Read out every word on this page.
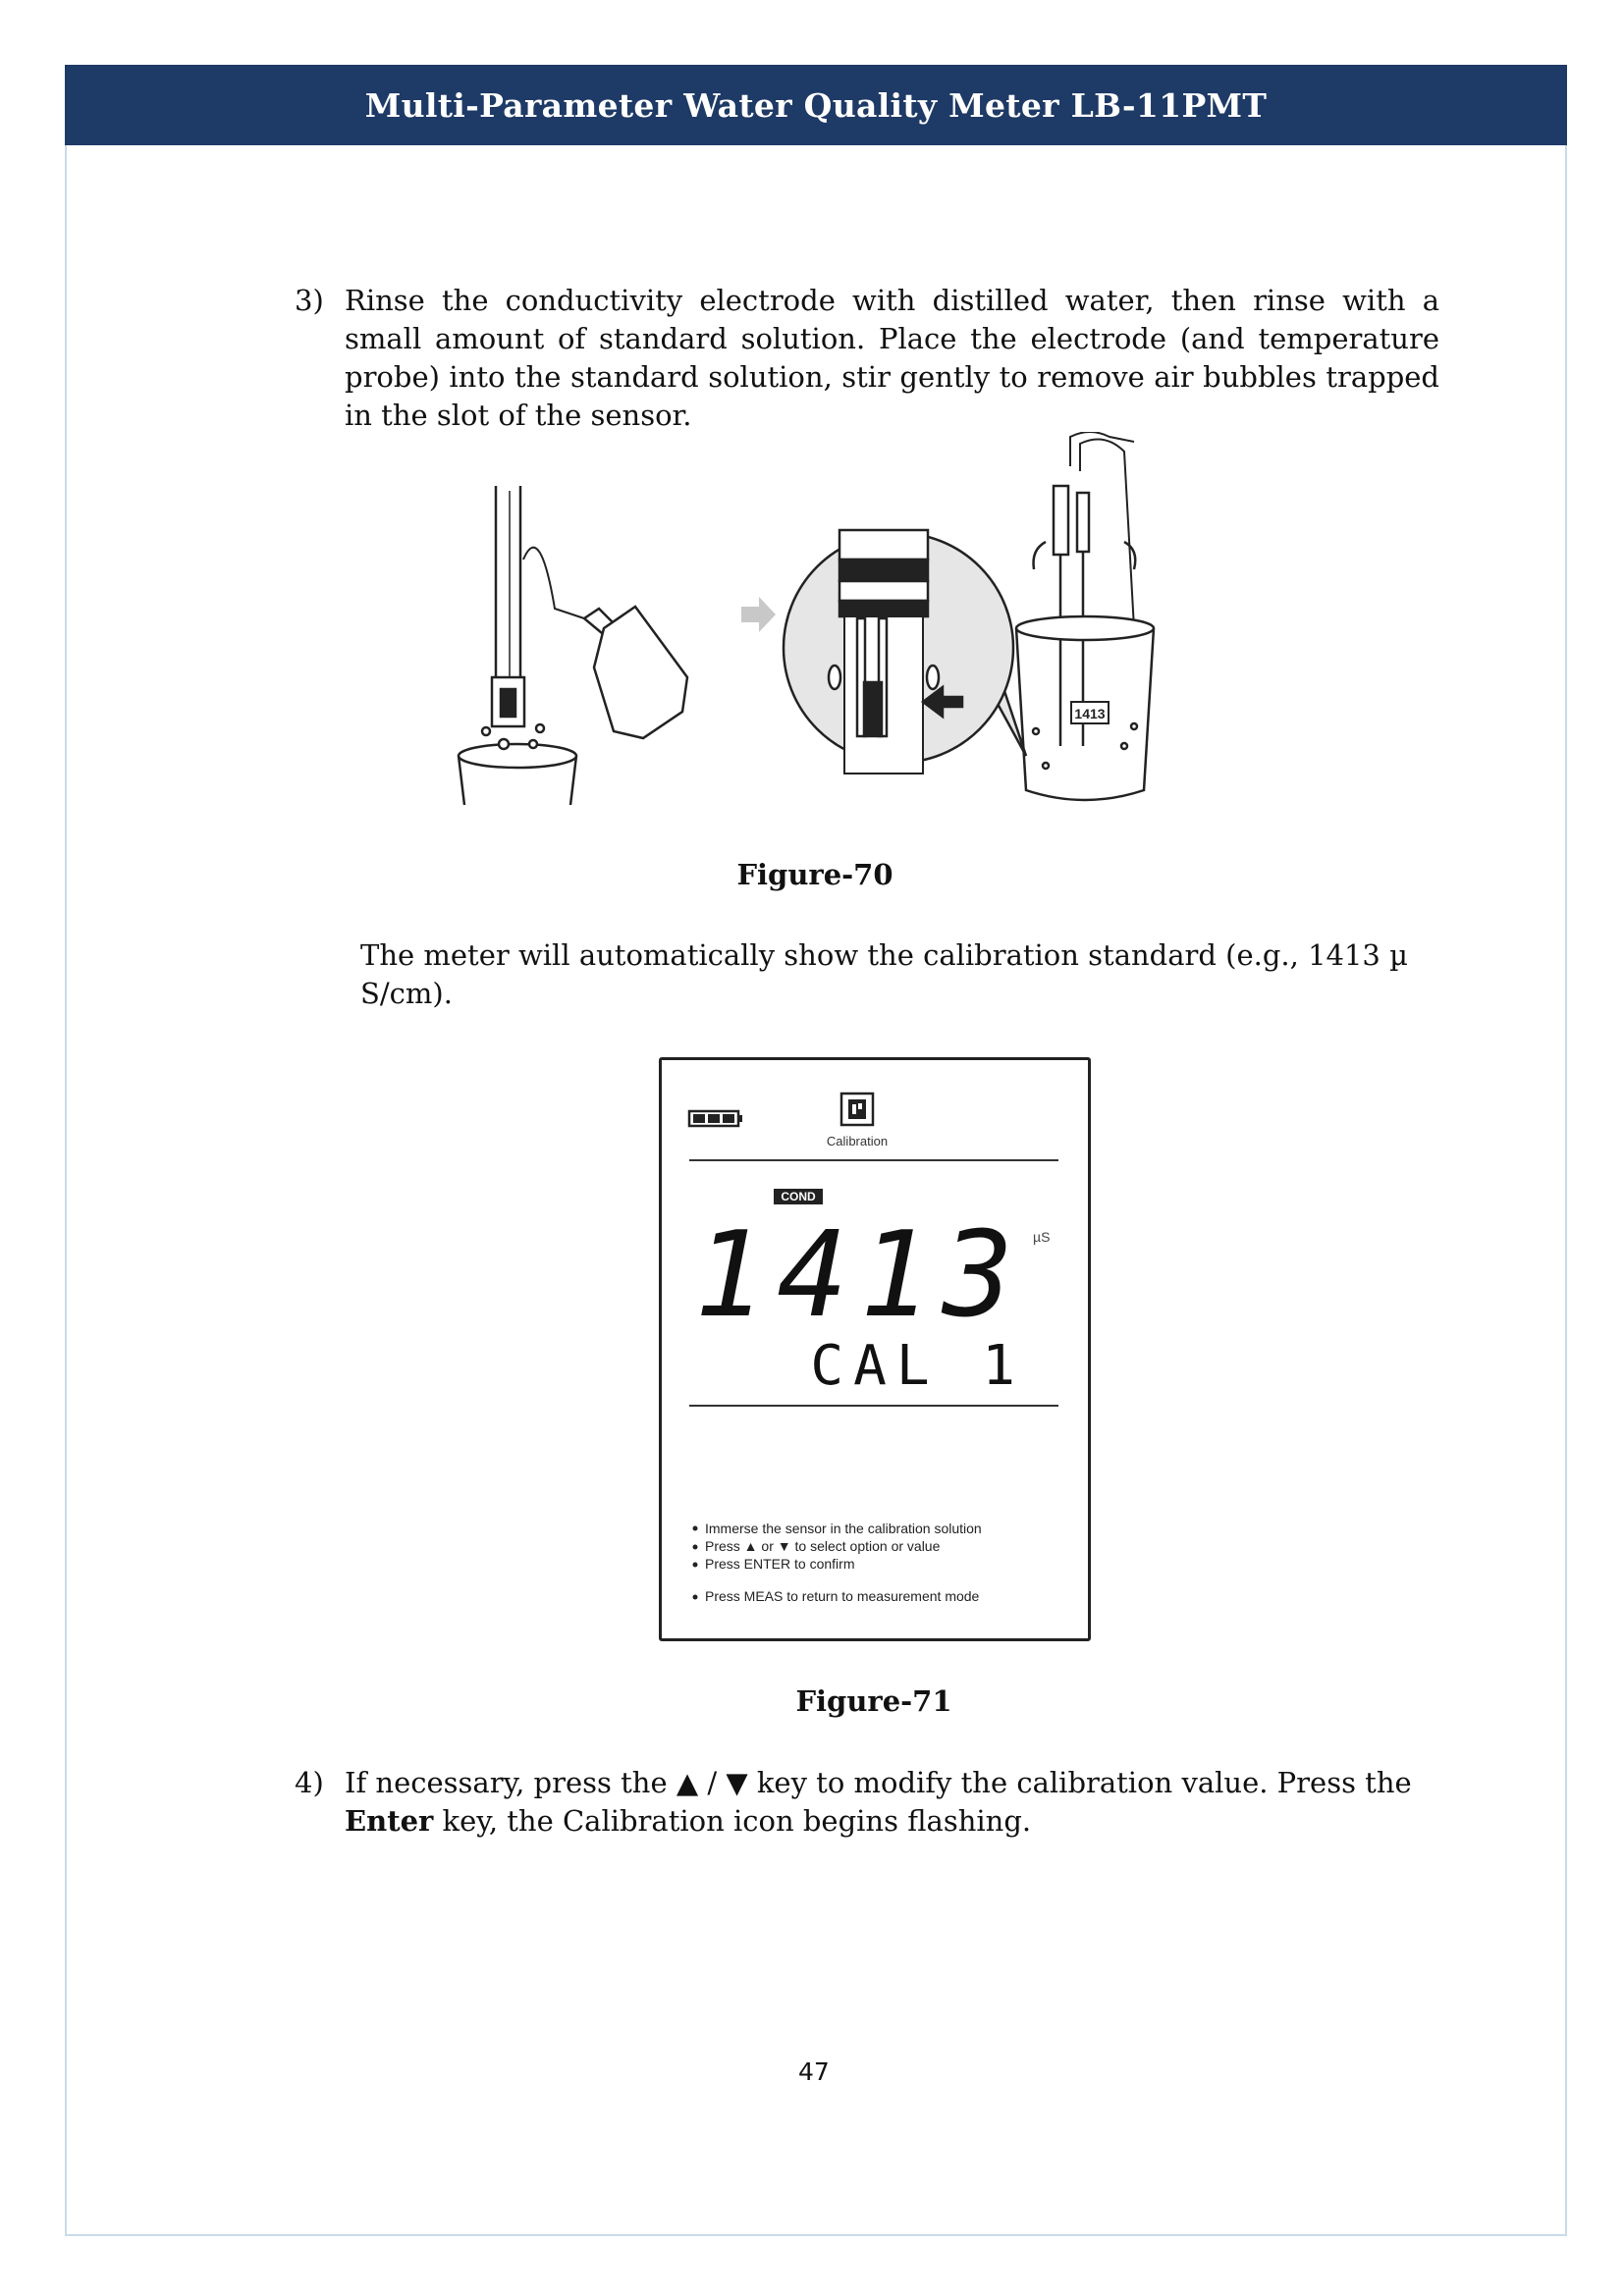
Multi-Parameter Water Quality Meter LB-11PMT
3) Rinse the conductivity electrode with distilled water, then rinse with a small amount of standard solution. Place the electrode (and temperature probe) into the standard solution, stir gently to remove air bubbles trapped in the slot of the sensor.
1413
Figure-70
The meter will automatically show the calibration standard (e.g., 1413 µ S/cm).
Calibration
COND
1413 µS
CAL 1
Immerse the sensor in the calibration solution
Press ▲ or ▼ to select option or value
Press ENTER to confirm
Press MEAS to return to measurement mode
Figure-71
4) If necessary, press the ▲ / ▼ key to modify the calibration value. Press the Enter key, the Calibration icon begins flashing.
47
